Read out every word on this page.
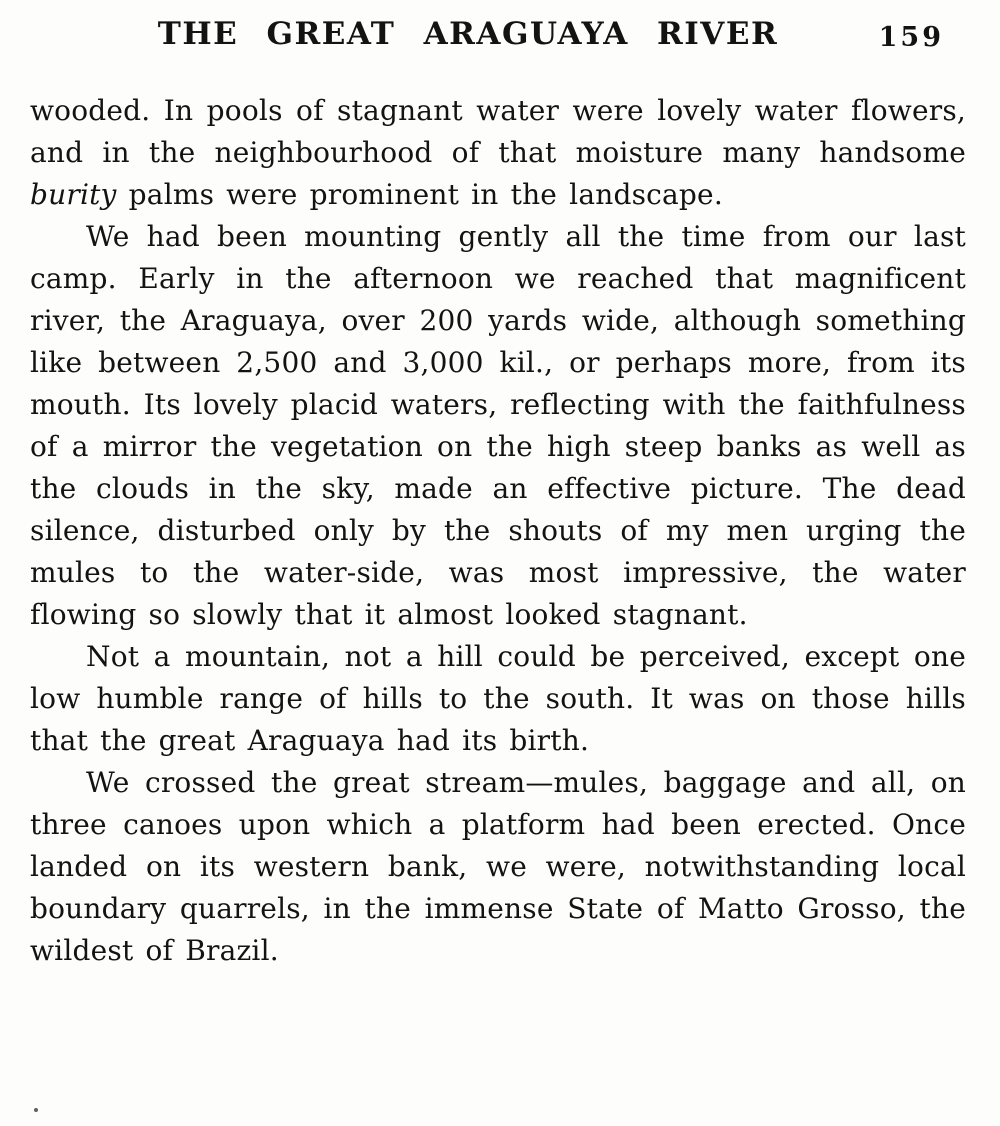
THE GREAT ARAGUAYA RIVER	159

wooded. In pools of stagnant water were lovely water flowers, and in the neighbourhood of that moisture many handsome burity palms were prominent in the landscape.

We had been mounting gently all the time from our last camp. Early in the afternoon we reached that magnificent river, the Araguaya, over 200 yards wide, although something like between 2,500 and 3,000 kil., or perhaps more, from its mouth. Its lovely placid waters, reflecting with the faithfulness of a mirror the vegetation on the high steep banks as well as the clouds in the sky, made an effective picture. The dead silence, disturbed only by the shouts of my men urging the mules to the water-side, was most impressive, the water flowing so slowly that it almost looked stagnant.

Not a mountain, not a hill could be perceived, except one low humble range of hills to the south. It was on those hills that the great Araguaya had its birth.

We crossed the great stream—mules, baggage and all, on three canoes upon which a platform had been erected. Once landed on its western bank, we were, notwithstanding local boundary quarrels, in the immense State of Matto Grosso, the wildest of Brazil.
